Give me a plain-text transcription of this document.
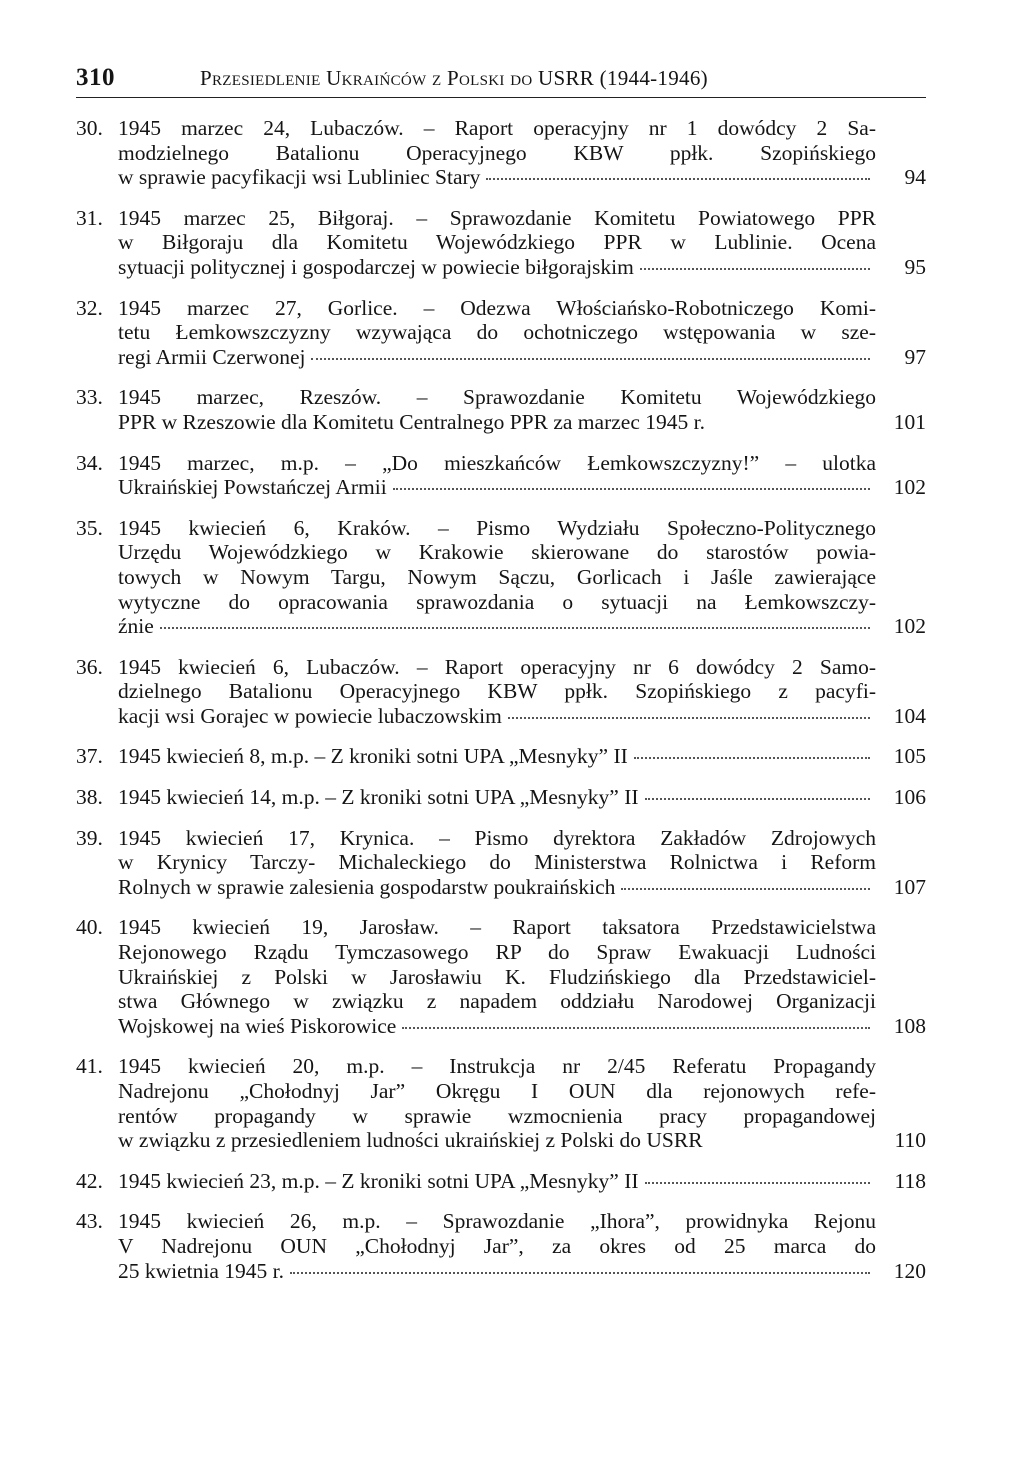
310	Przesiedlenie Ukraińców z Polski do USRR (1944-1946)
30. 1945 marzec 24, Lubaczów. – Raport operacyjny nr 1 dowódcy 2 Sa-
modzielnego Batalionu Operacyjnego KBW ppłk. Szopińskiego
w sprawie pacyfikacji wsi Lubliniec Stary	94
31. 1945 marzec 25, Biłgoraj. – Sprawozdanie Komitetu Powiatowego PPR
w Biłgoraju dla Komitetu Wojewódzkiego PPR w Lublinie. Ocena
sytuacji politycznej i gospodarczej w powiecie biłgorajskim	95
32. 1945 marzec 27, Gorlice. – Odezwa Włościańsko-Robotniczego Komi-
tetu Łemkowszczyzny wzywająca do ochotniczego wstępowania w sze-
regi Armii Czerwonej	97
33. 1945 marzec, Rzeszów. – Sprawozdanie Komitetu Wojewódzkiego
PPR w Rzeszowie dla Komitetu Centralnego PPR za marzec 1945 r.	101
34. 1945 marzec, m.p. – „Do mieszkańców Łemkowszczyzny!” – ulotka
Ukraińskiej Powstańczej Armii	102
35. 1945 kwiecień 6, Kraków. – Pismo Wydziału Społeczno-Politycznego
Urzędu Wojewódzkiego w Krakowie skierowane do starostów powia-
towych w Nowym Targu, Nowym Sączu, Gorlicach i Jaśle zawierające
wytyczne do opracowania sprawozdania o sytuacji na Łemkowszczy-
źnie	102
36. 1945 kwiecień 6, Lubaczów. – Raport operacyjny nr 6 dowódcy 2 Samo-
dzielnego Batalionu Operacyjnego KBW ppłk. Szopińskiego z pacyfi-
kacji wsi Gorajec w powiecie lubaczowskim	104
37. 1945 kwiecień 8, m.p. – Z kroniki sotni UPA „Mesnyky” II	105
38. 1945 kwiecień 14, m.p. – Z kroniki sotni UPA „Mesnyky” II	106
39. 1945 kwiecień 17, Krynica. – Pismo dyrektora Zakładów Zdrojowych
w Krynicy Tarczy- Michaleckiego do Ministerstwa Rolnictwa i Reform
Rolnych w sprawie zalesienia gospodarstw poukraińskich	107
40. 1945 kwiecień 19, Jarosław. – Raport taksatora Przedstawicielstwa
Rejonowego Rządu Tymczasowego RP do Spraw Ewakuacji Ludności
Ukraińskiej z Polski w Jarosławiu K. Fludzińskiego dla Przedstawiciel-
stwa Głównego w związku z napadem oddziału Narodowej Organizacji
Wojskowej na wieś Piskorowice	108
41. 1945 kwiecień 20, m.p. – Instrukcja nr 2/45 Referatu Propagandy
Nadrejonu „Chołodnyj Jar” Okręgu I OUN dla rejonowych refe-
rentów propagandy w sprawie wzmocnienia pracy propagandowej
w związku z przesiedleniem ludności ukraińskiej z Polski do USRR	110
42. 1945 kwiecień 23, m.p. – Z kroniki sotni UPA „Mesnyky” II	118
43. 1945 kwiecień 26, m.p. – Sprawozdanie „Ihora”, prowidnyka Rejonu
V Nadrejonu OUN „Chołodnyj Jar”, za okres od 25 marca do
25 kwietnia 1945 r.	120
